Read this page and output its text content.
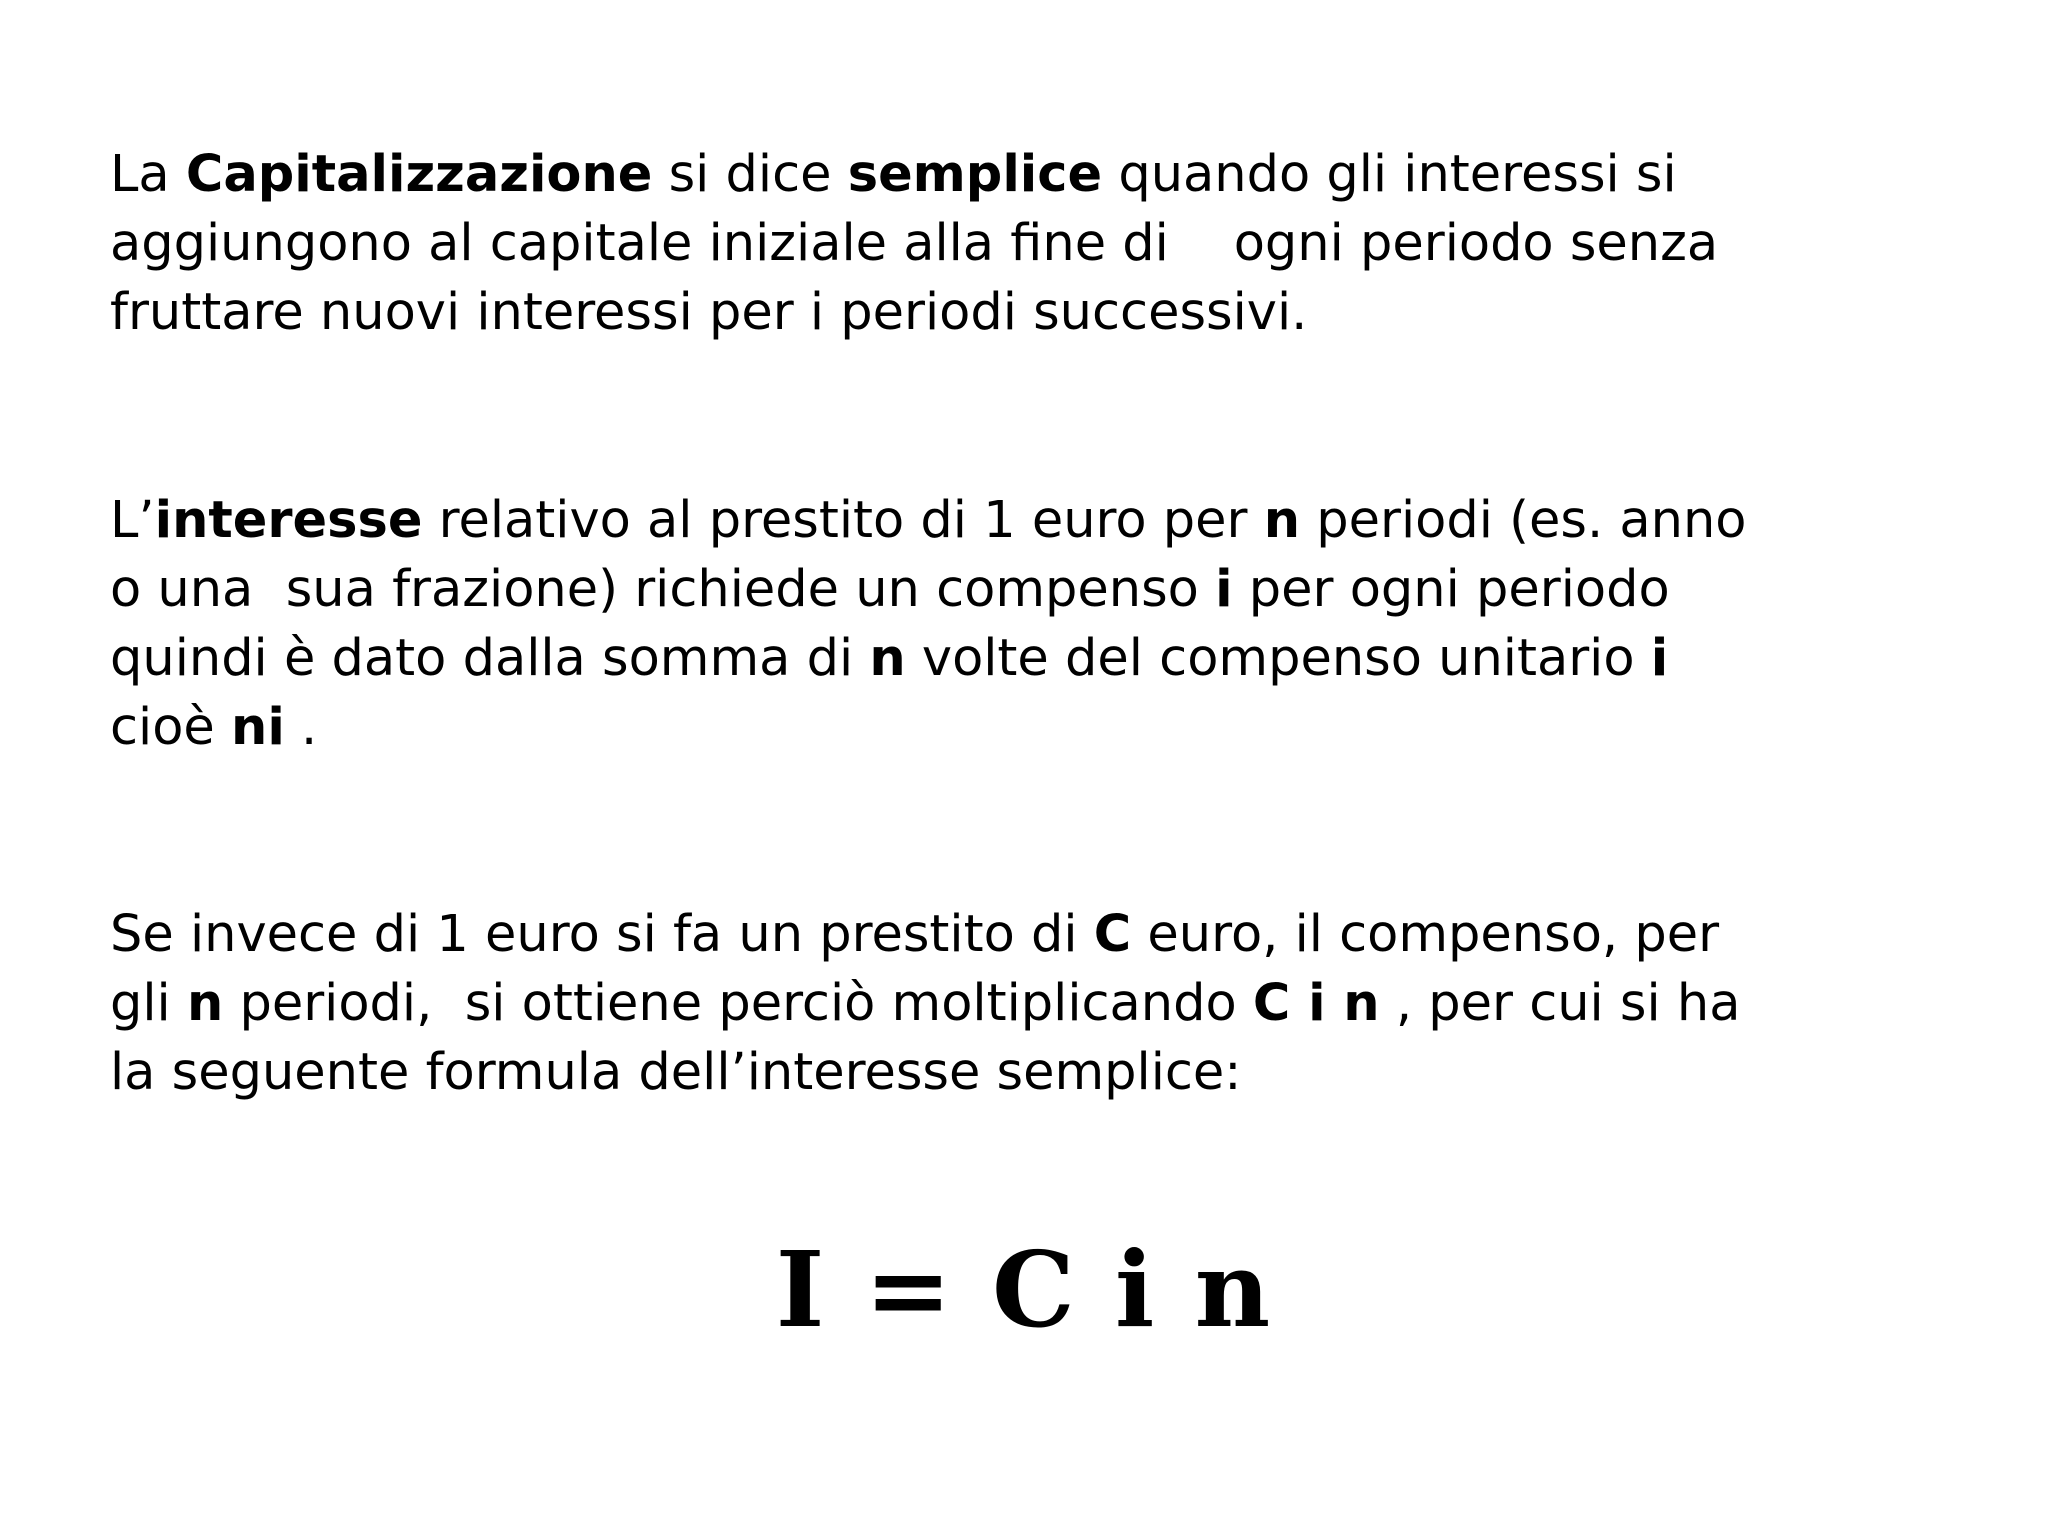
La Capitalizzazione si dice semplice quando gli interessi si
aggiungono al capitale iniziale alla fine di    ogni periodo senza
fruttare nuovi interessi per i periodi successivi.

L’interesse relativo al prestito di 1 euro per n periodi (es. anno
o una  sua frazione) richiede un compenso i per ogni periodo
quindi è dato dalla somma di n volte del compenso unitario i
cioè ni .

Se invece di 1 euro si fa un prestito di C euro, il compenso, per
gli n periodi,  si ottiene perciò moltiplicando C i n , per cui si ha
la seguente formula dell’interesse semplice:

I = C i n
